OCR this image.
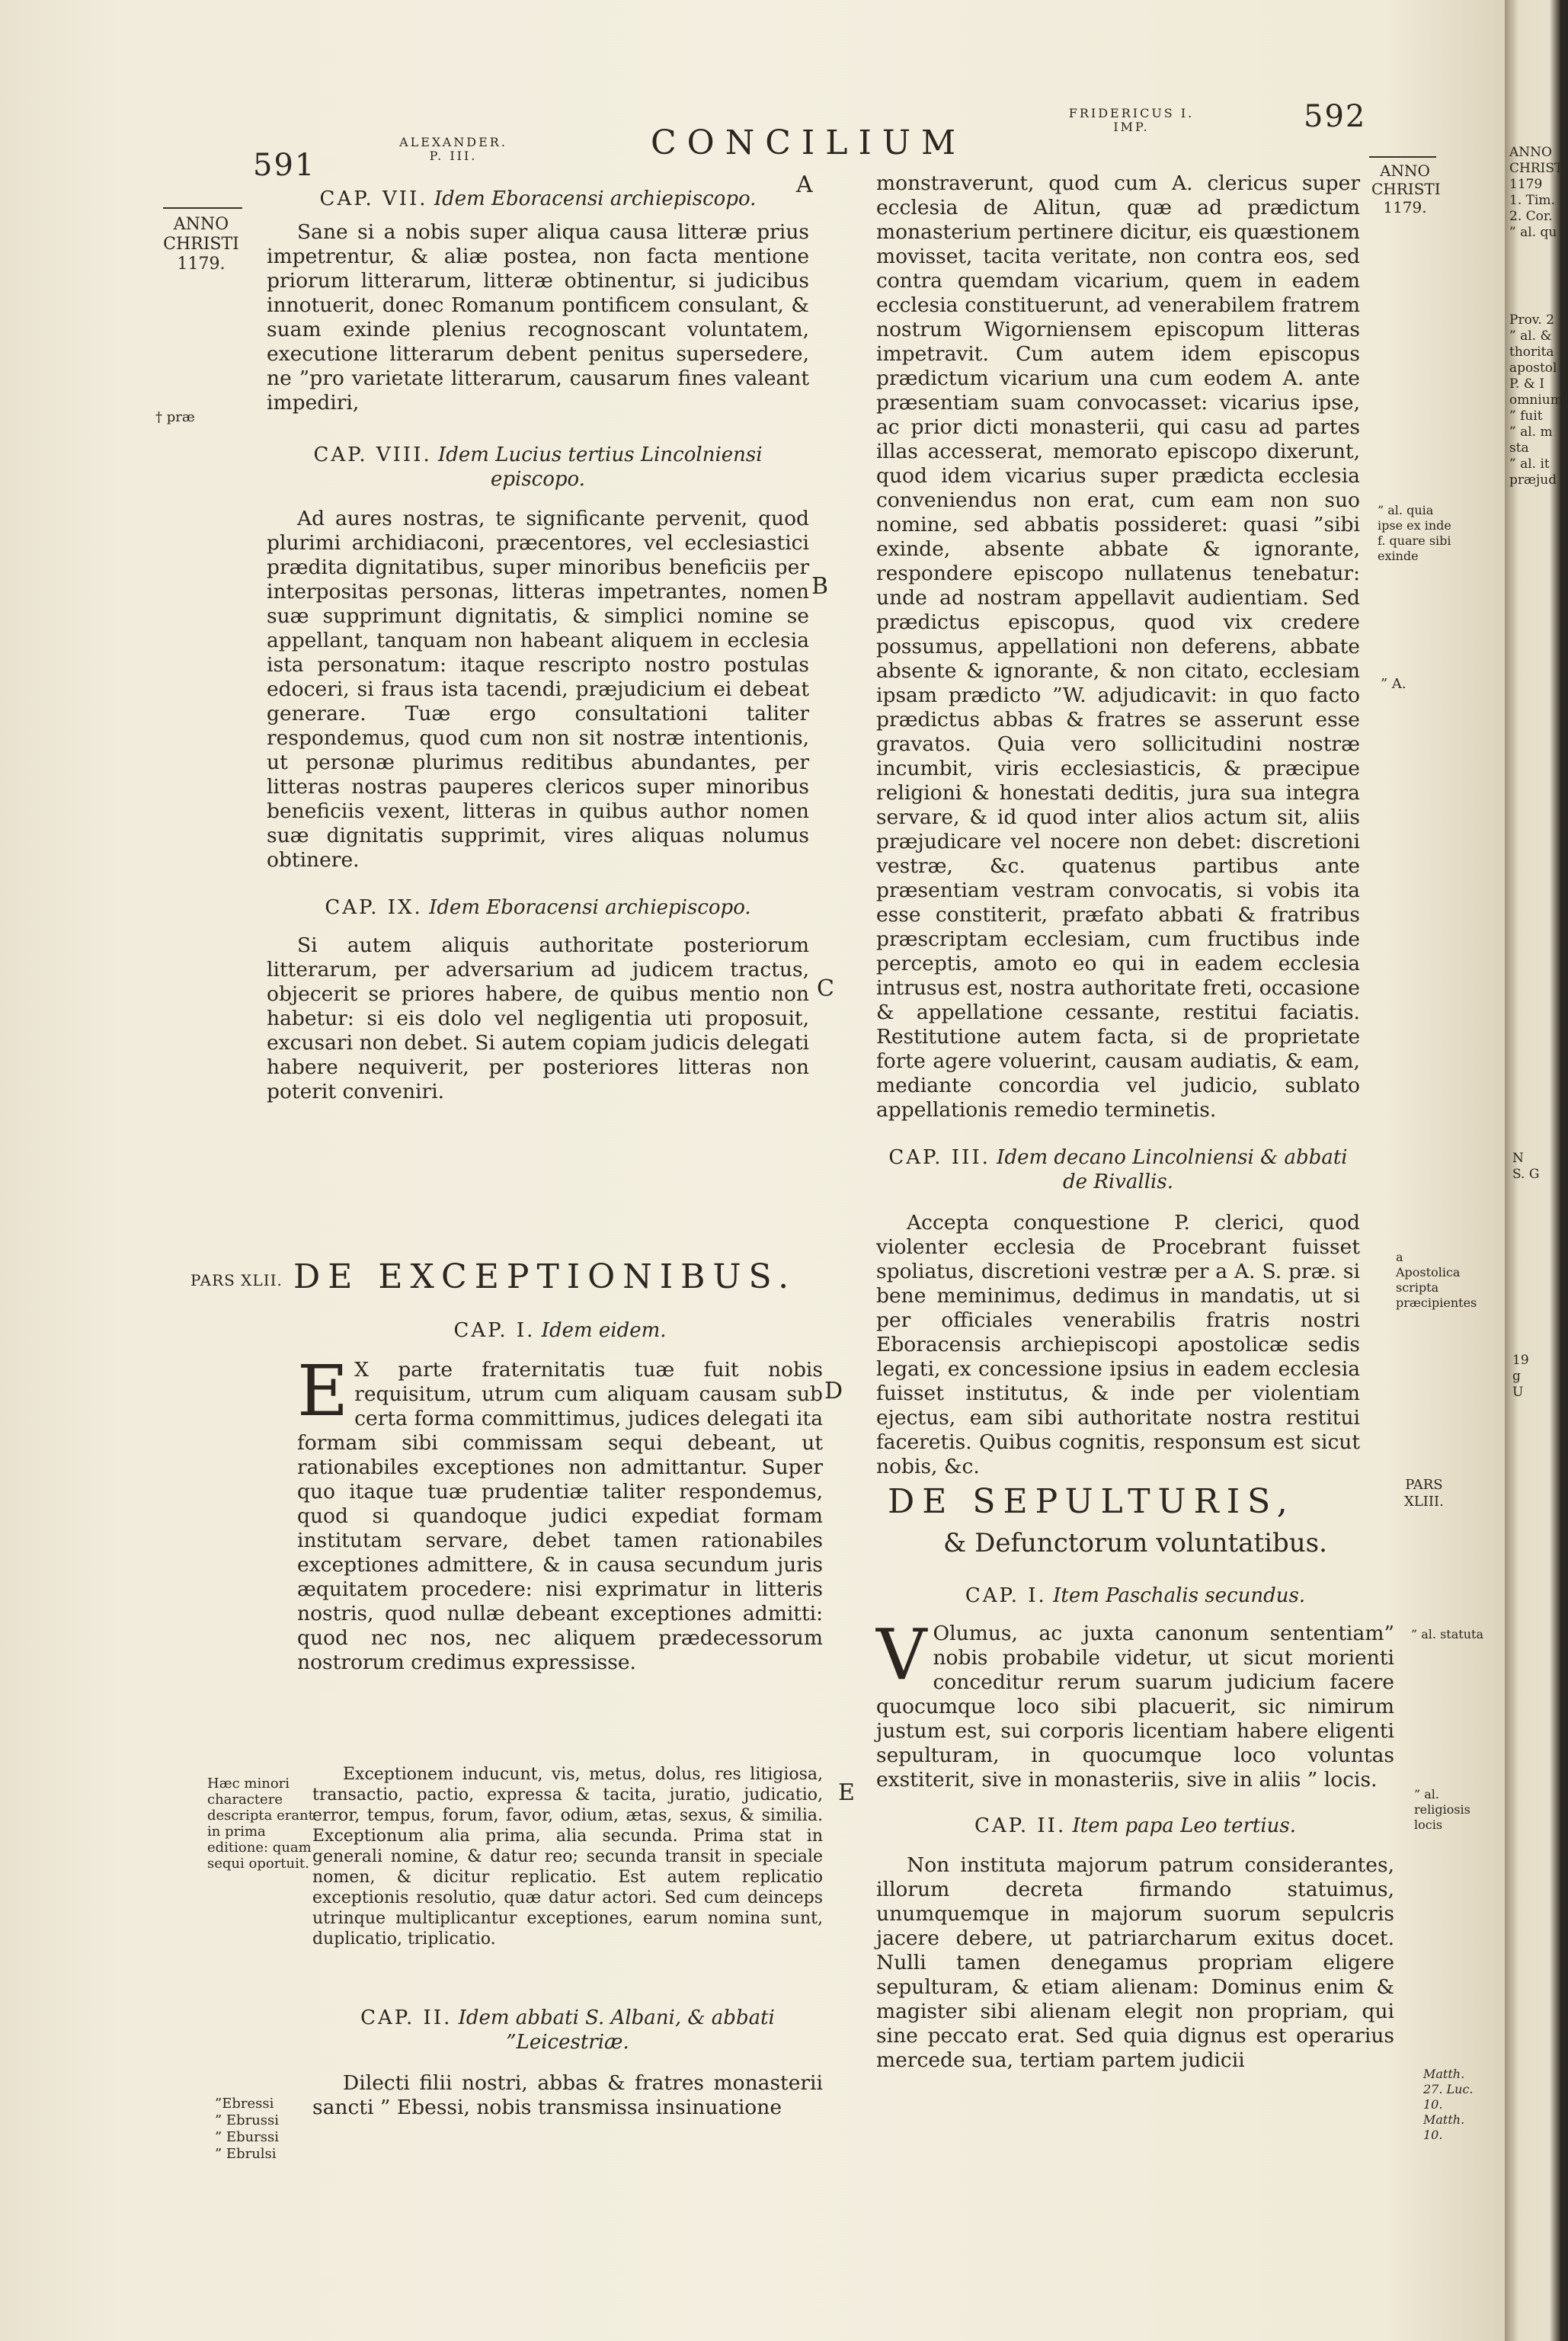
591
ALEXANDER.
P. III.	CONCILIUM
FRIDERICUS I.
IMP.	592
ANNO
CHRISTI
1179.
† præ

CAP. VII. Idem Eboracensi archiepiscopo.

Sane si a nobis super aliqua causa litteræ prius impetrentur, & aliæ postea, non facta mentione priorum litterarum, litteræ obtinentur, si judicibus innotuerit, donec Romanum pontificem consulant, & suam exinde plenius recognoscant voluntatem, executione litterarum debent penitus supersedere, ne ”pro varietate litterarum, causarum fines valeant impediri,

CAP. VIII. Idem Lucius tertius Lincolniensi episcopo.

Ad aures nostras, te significante pervenit, quod plurimi archidiaconi, præcentores, vel ecclesiastici prædita dignitatibus, super minoribus beneficiis per interpositas personas, litteras impetrantes, nomen suæ supprimunt dignitatis, & simplici nomine se appellant, tanquam non habeant aliquem in ecclesia ista personatum: itaque rescripto nostro postulas edoceri, si fraus ista tacendi, præjudicium ei debeat generare. Tuæ ergo consultationi taliter respondemus, quod cum non sit nostræ intentionis, ut personæ plurimus reditibus abundantes, per litteras nostras pauperes clericos super minoribus beneficiis vexent, litteras in quibus author nomen suæ dignitatis supprimit, vires aliquas nolumus obtinere.

CAP. IX. Idem Eboracensi archiepiscopo.

Si autem aliquis authoritate posteriorum litterarum, per adversarium ad judicem tractus, objecerit se priores habere, de quibus mentio non habetur: si eis dolo vel negligentia uti proposuit, excusari non debet. Si autem copiam judicis delegati habere nequiverit, per posteriores litteras non poterit conveniri.

PARS XLII. DE EXCEPTIONIBUS.

CAP. I. Idem eidem.

E X parte fraternitatis tuæ fuit nobis requisitum, utrum cum aliquam causam sub certa forma committimus, judices delegati ita formam sibi commissam sequi debeant, ut rationabiles exceptiones non admittantur. Super quo itaque tuæ prudentiæ taliter respondemus, quod si quandoque judici expediat formam institutam servare, debet tamen rationabiles exceptiones admittere, & in causa secundum juris æquitatem procedere: nisi exprimatur in litteris nostris, quod nullæ debeant exceptiones admitti: quod nec nos, nec aliquem prædecessorum nostrorum credimus expressisse.

Hæc minori charactere descripta erant in prima editione: quam sequi oportuit.

Exceptionem inducunt, vis, metus, dolus, res litigiosa, transactio, pactio, expressa & tacita, juratio, judicatio, error, tempus, forum, favor, odium, ætas, sexus, & similia. Exceptionum alia prima, alia secunda. Prima stat in generali nomine, & datur reo; secunda transit in speciale nomen, & dicitur replicatio. Est autem replicatio exceptionis resolutio, quæ datur actori. Sed cum deinceps utrinque multiplicantur exceptiones, earum nomina sunt, duplicatio, triplicatio.

CAP. II. Idem abbati S. Albani, & abbati ”Leicestriæ.

Dilecti filii nostri, abbas & fratres monasterii sancti ” Ebessi, nobis transmissa insinuatione

”Ebressi
” Ebrussi
” Eburssi
” Ebrulsi
A
B
C
D
E

monstraverunt, quod cum A. clericus super ecclesia de Alitun, quæ ad prædictum monasterium pertinere dicitur, eis quæstionem movisset, tacita veritate, non contra eos, sed contra quemdam vicarium, quem in eadem ecclesia constituerunt, ad venerabilem fratrem nostrum Wigorniensem episcopum litteras impetravit. Cum autem idem episcopus prædictum vicarium una cum eodem A. ante præsentiam suam convocasset: vicarius ipse, ac prior dicti monasterii, qui casu ad partes illas accesserat, memorato episcopo dixerunt, quod idem vicarius super prædicta ecclesia conveniendus non erat, cum eam non suo nomine, sed abbatis possideret: quasi ”sibi exinde, absente abbate & ignorante, respondere episcopo nullatenus tenebatur: unde ad nostram appellavit audientiam. Sed prædictus episcopus, quod vix credere possumus, appellationi non deferens, abbate absente & ignorante, & non citato, ecclesiam ipsam prædicto ”W. adjudicavit: in quo facto prædictus abbas & fratres se asserunt esse gravatos. Quia vero sollicitudini nostræ incumbit, viris ecclesiasticis, & præcipue religioni & honestati deditis, jura sua integra servare, & id quod inter alios actum sit, aliis præjudicare vel nocere non debet: discretioni vestræ, &c. quatenus partibus ante præsentiam vestram convocatis, si vobis ita esse constiterit, præfato abbati & fratribus præscriptam ecclesiam, cum fructibus inde perceptis, amoto eo qui in eadem ecclesia intrusus est, nostra authoritate freti, occasione & appellatione cessante, restitui faciatis. Restitutione autem facta, si de proprietate forte agere voluerint, causam audiatis, & eam, mediante concordia vel judicio, sublato appellationis remedio terminetis.

CAP. III. Idem decano Lincolniensi & abbati de Rivallis.

Accepta conquestione P. clerici, quod violenter ecclesia de Procebrant fuisset spoliatus, discretioni vestræ per a A. S. præ. si bene meminimus, dedimus in mandatis, ut si per officiales venerabilis fratris nostri Eboracensis archiepiscopi apostolicæ sedis legati, ex concessione ipsius in eadem ecclesia fuisset institutus, & inde per violentiam ejectus, eam sibi authoritate nostra restitui faceretis. Quibus cognitis, responsum est sicut nobis, &c.

ANNO
CHRISTI
1179.
” al. quia ipse ex inde f. quare sibi exinde
” A.
a Apostolica scripta præcipientes
DE SEPULTURIS,	PARS
XLIII.
& Defunctorum voluntatibus.

CAP. I. Item Paschalis secundus.

V Olumus, ac juxta canonum sententiam” nobis probabile videtur, ut sicut morienti conceditur rerum suarum judicium facere quocumque loco sibi placuerit, sic nimirum justum est, sui corporis licentiam habere eligenti sepulturam, in quocumque loco voluntas exstiterit, sive in monasteriis, sive in aliis ” locis.

CAP. II. Item papa Leo tertius.

Non instituta majorum patrum considerantes, illorum decreta firmando statuimus, unumquemque in majorum suorum sepulcris jacere debere, ut patriarcharum exitus docet. Nulli tamen denegamus propriam eligere sepulturam, & etiam alienam: Dominus enim & magister sibi alienam elegit non propriam, qui sine peccato erat. Sed quia dignus est operarius mercede sua, tertiam partem judicii

” al. statuta
” al. religiosis locis
Matth. 27. Luc. 10. Matth. 10.
ANNO
CHRISTI
1179
1. Tim.
2. Cor.
” al. qu
Prov. 2
” al. &
thorita
apostol
P. & I
omnium
” fuit
” al. m
sta
” al. it
præjud
N
S. G
19
g
U
